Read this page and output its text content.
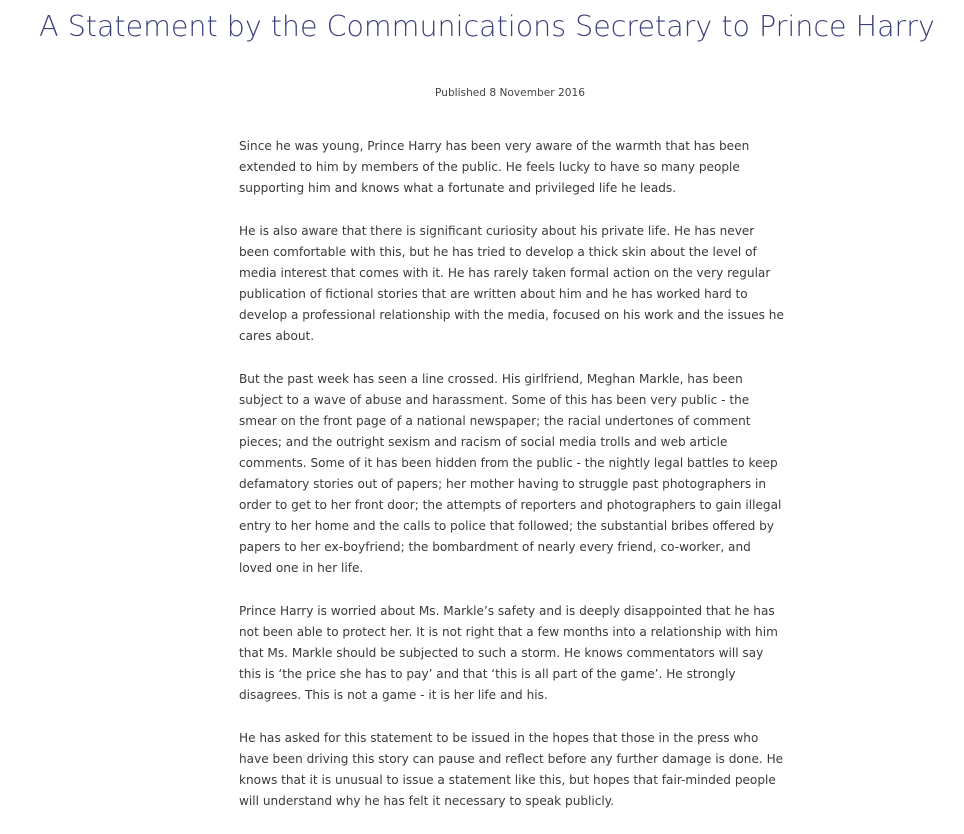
A Statement by the Communications Secretary to Prince Harry
Published 8 November 2016

Since he was young, Prince Harry has been very aware of the warmth that has been extended to him by members of the public. He feels lucky to have so many people supporting him and knows what a fortunate and privileged life he leads.

He is also aware that there is significant curiosity about his private life. He has never been comfortable with this, but he has tried to develop a thick skin about the level of media interest that comes with it. He has rarely taken formal action on the very regular publication of fictional stories that are written about him and he has worked hard to develop a professional relationship with the media, focused on his work and the issues he cares about.

But the past week has seen a line crossed. His girlfriend, Meghan Markle, has been subject to a wave of abuse and harassment. Some of this has been very public - the smear on the front page of a national newspaper; the racial undertones of comment pieces; and the outright sexism and racism of social media trolls and web article comments. Some of it has been hidden from the public - the nightly legal battles to keep defamatory stories out of papers; her mother having to struggle past photographers in order to get to her front door; the attempts of reporters and photographers to gain illegal entry to her home and the calls to police that followed; the substantial bribes offered by papers to her ex-boyfriend; the bombardment of nearly every friend, co-worker, and loved one in her life.

Prince Harry is worried about Ms. Markle’s safety and is deeply disappointed that he has not been able to protect her. It is not right that a few months into a relationship with him that Ms. Markle should be subjected to such a storm. He knows commentators will say this is ‘the price she has to pay’ and that ‘this is all part of the game’. He strongly disagrees. This is not a game - it is her life and his.

He has asked for this statement to be issued in the hopes that those in the press who have been driving this story can pause and reflect before any further damage is done. He knows that it is unusual to issue a statement like this, but hopes that fair-minded people will understand why he has felt it necessary to speak publicly.
